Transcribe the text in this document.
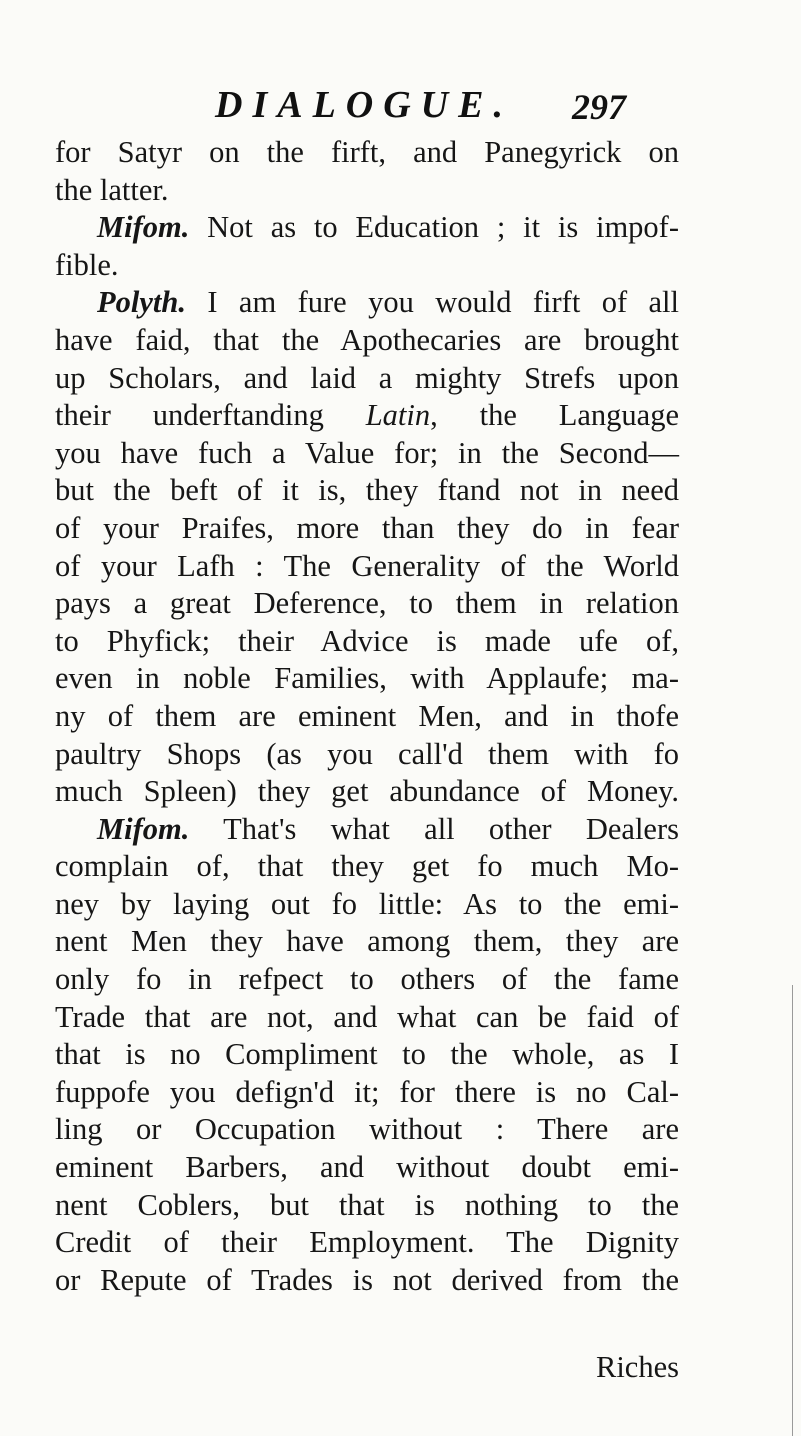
DIALOGUE. 297
for Satyr on the firft, and Panegyrick on
the latter.
Mifom. Not as to Education ; it is impof-
fible.
Polyth. I am fure you would firft of all
have faid, that the Apothecaries are brought
up Scholars, and laid a mighty Strefs upon
their underftanding Latin, the Language
you have fuch a Value for; in the Second—
but the beft of it is, they ftand not in need
of your Praifes, more than they do in fear
of your Lafh : The Generality of the World
pays a great Deference, to them in relation
to Phyfick; their Advice is made ufe of,
even in noble Families, with Applaufe; ma-
ny of them are eminent Men, and in thofe
paultry Shops (as you call'd them with fo
much Spleen) they get abundance of Money.
Mifom. That's what all other Dealers
complain of, that they get fo much Mo-
ney by laying out fo little: As to the emi-
nent Men they have among them, they are
only fo in refpect to others of the fame
Trade that are not, and what can be faid of
that is no Compliment to the whole, as I
fuppofe you defign'd it; for there is no Cal-
ling or Occupation without : There are
eminent Barbers, and without doubt emi-
nent Coblers, but that is nothing to the
Credit of their Employment. The Dignity
or Repute of Trades is not derived from the
Riches
